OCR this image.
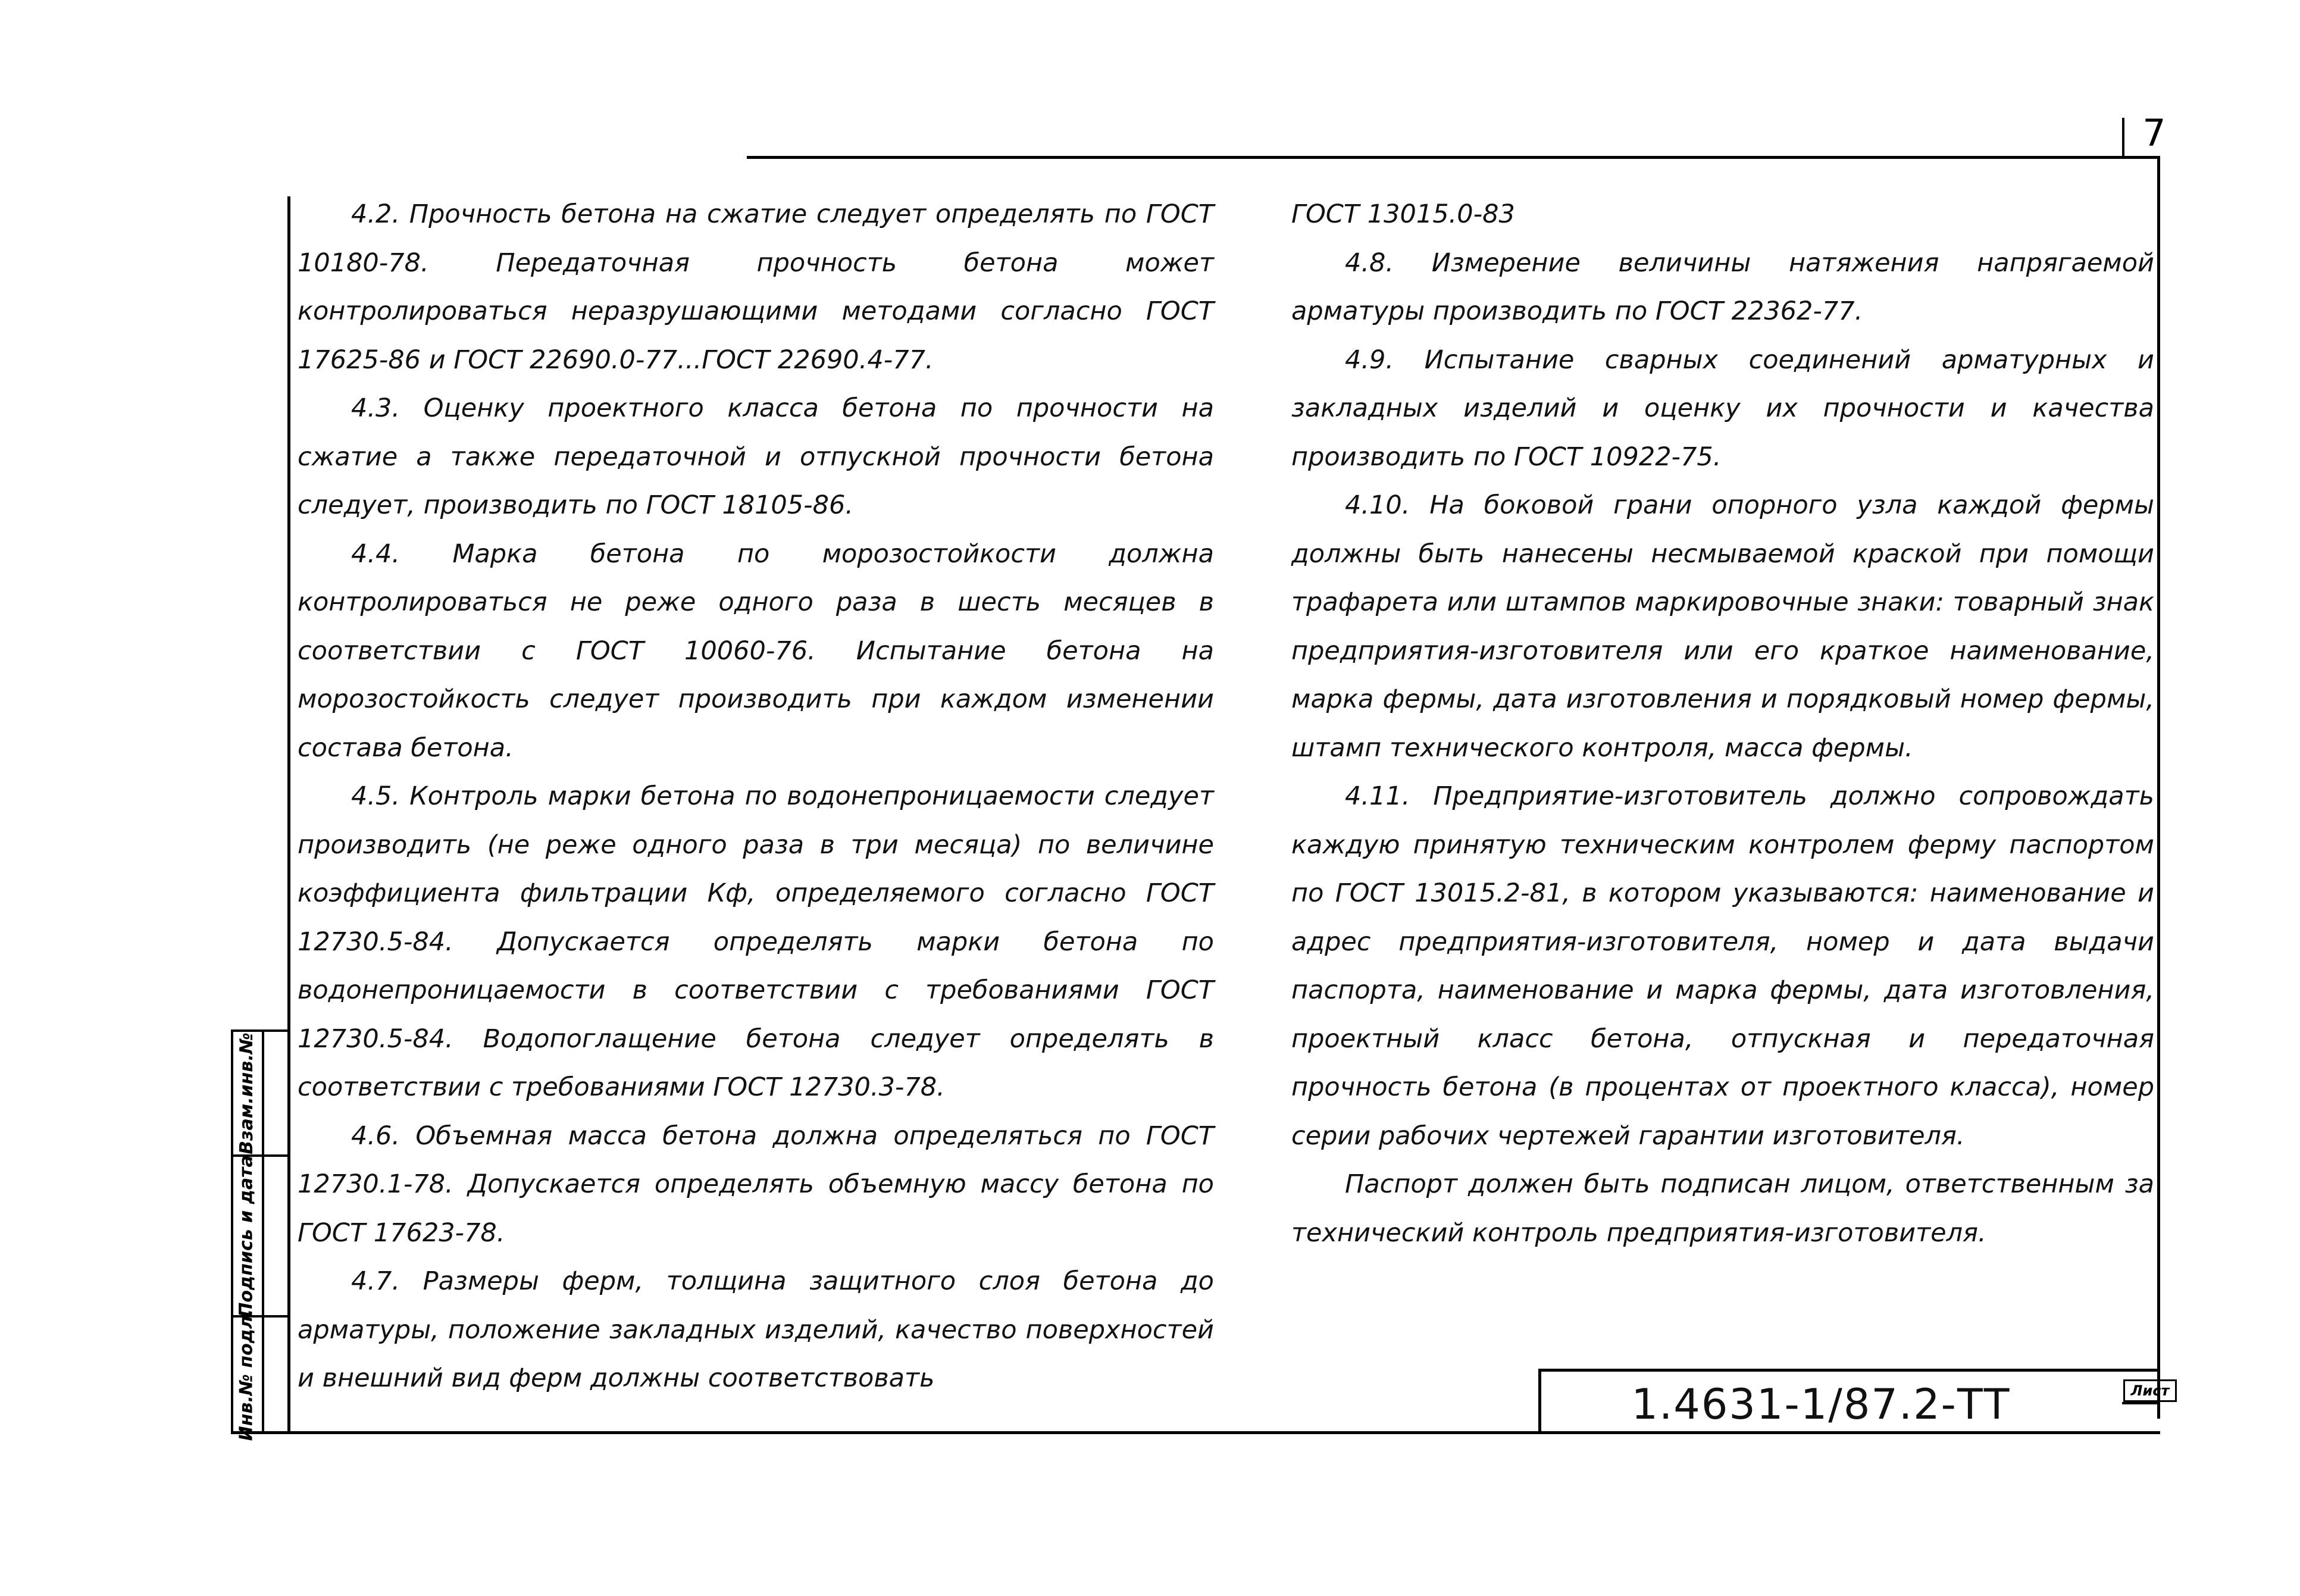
Взам.инв.№
Подпись и дата
Инв.№ подл.	1.4631-1/87.2-ТТ	Лист
7

4.2. Прочность бетона на сжатие следует определять по ГОСТ 10180-78. Передаточная прочность бетона может контролироваться неразрушающими методами согласно ГОСТ 17625-86 и ГОСТ 22690.0-77...ГОСТ 22690.4-77.

4.3. Оценку проектного класса бетона по прочности на сжатие а также передаточной и отпускной прочности бетона следует, производить по ГОСТ 18105-86.

4.4. Марка бетона по морозостойкости должна контролироваться не реже одного раза в шесть месяцев в соответствии с ГОСТ 10060-76. Испытание бетона на морозостойкость следует производить при каждом изменении состава бетона.

4.5. Контроль марки бетона по водонепроницаемости следует производить (не реже одного раза в три месяца) по величине коэффициента фильтрации Кф, определяемого согласно ГОСТ 12730.5-84. Допускается определять марки бетона по водонепроницаемости в соответствии с требованиями ГОСТ 12730.5-84. Водопоглащение бетона следует определять в соответствии с требованиями ГОСТ 12730.3-78.

4.6. Объемная масса бетона должна определяться по ГОСТ 12730.1-78. Допускается определять объемную массу бетона по ГОСТ 17623-78.

4.7. Размеры ферм, толщина защитного слоя бетона до арматуры, положение закладных изделий, качество поверхностей и внешний вид ферм должны соответствовать

ГОСТ 13015.0-83

4.8. Измерение величины натяжения напрягаемой арматуры производить по ГОСТ 22362-77.

4.9. Испытание сварных соединений арматурных и закладных изделий и оценку их прочности и качества производить по ГОСТ 10922-75.

4.10. На боковой грани опорного узла каждой фермы должны быть нанесены несмываемой краской при помощи трафарета или штампов маркировочные знаки: товарный знак предприятия-изготовителя или его краткое наименование, марка фермы, дата изготовления и порядковый номер фермы, штамп технического контроля, масса фермы.

4.11. Предприятие-изготовитель должно сопровождать каждую принятую техническим контролем ферму паспортом по ГОСТ 13015.2-81, в котором указываются: наименование и адрес предприятия-изготовителя, номер и дата выдачи паспорта, наименование и марка фермы, дата изготовления, проектный класс бетона, отпускная и передаточная прочность бетона (в процентах от проектного класса), номер серии рабочих чертежей гарантии изготовителя.

Паспорт должен быть подписан лицом, ответственным за технический контроль предприятия-изготовителя.
